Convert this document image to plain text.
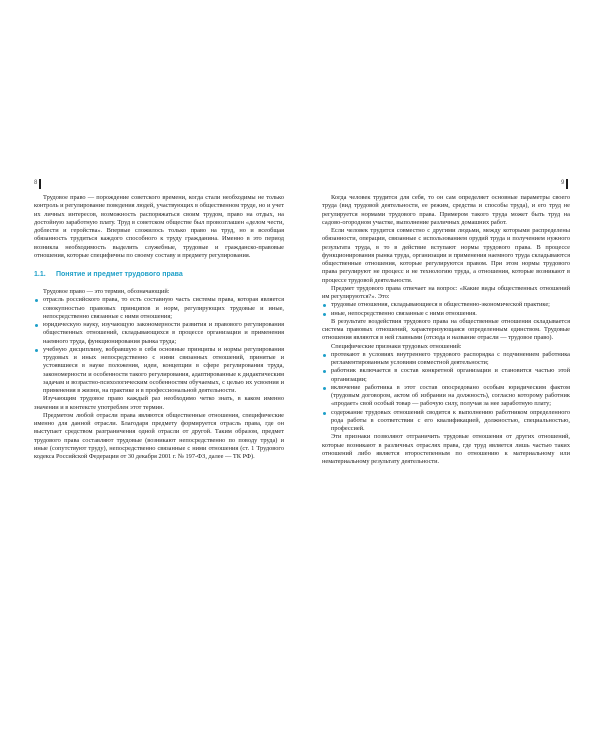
8	9

Трудовое право — порождение советского времени, когда стали необходимы не только контроль и регулирование поведения людей, участвующих в общественном труде, но и учет их личных интересов, возможность распоряжаться своим трудом, право на отдых, на достойную заработную плату. Труд в советском обществе был провозглашен «делом чести, доблести и геройства». Впервые сложилось только право на труд, но и всеобщая обязанность трудиться каждого способного к труду гражданина. Именно в это период возникла необходимость выделить служебные, трудовые и гражданско-правовые отношения, которые специфичны по своему составу и предмету регулирования.

1.1.	Понятие и предмет трудового права

Трудовое право — это термин, обозначающий:

отрасль российского права, то есть составную часть системы права, которая является совокупностью правовых принципов и норм, регулирующих трудовые и иные, непосредственно связанные с ними отношения;
юридическую науку, изучающую закономерности развития и правового регулирования общественных отношений, складывающихся в процессе организации и применения наемного труда, функционирования рынка труда;
учебную дисциплину, вобравшую в себя основные принципы и нормы регулирования трудовых и иных непосредственно с ними связанных отношений, принятые и устоявшиеся в науке положения, идеи, концепции в сфере регулирования труда, закономерности и особенности такого регулирования, адаптированные к дидактическим задачам и возрастно-психологическим особенностям обучаемых, с целью их усвоения и применения в жизни, на практике и в профессиональной деятельности.

Изучающим трудовое право каждый раз необходимо четко знать, в каком именно значении и в контексте употреблен этот термин.

Предметом любой отрасли права являются общественные отношения, специфические именно для данной отрасли. Благодаря предмету формируется отрасль права, где он выступает средством разграничения одной отрасли от другой. Таким образом, предмет трудового права составляют трудовые (возникают непосредственно по поводу труда) и иные (сопутствуют труду), непосредственно связанные с ними отношения (ст. 1 Трудового кодекса Российской Федерации от 30 декабря 2001 г. № 197-ФЗ, далее — ТК РФ).

Когда человек трудится для себя, то он сам определяет основные параметры своего труда (вид трудовой деятельности, ее режим, средства и способы труда), и его труд не регулируется нормами трудового права. Примером такого труда может быть труд на садово-огородном участке, выполнение различных домашних работ.

Если человек трудится совместно с другими людьми, между которыми распределены обязанности, операции, связанные с использованием орудий труда и получением нужного результата труда, в то в действие вступают нормы трудового права. В процессе функционирования рынка труда, организации и применения наемного труда складываются общественные отношения, которые регулируются правом. При этом нормы трудового права регулируют не процесс и не технологию труда, а отношения, которые возникают в процессе трудовой деятельности.

Предмет трудового права отвечает на вопрос: «Какие виды общественных отношений им регулируются?». Это:

трудовые отношения, складывающиеся в общественно-экономической практике;
иные, непосредственно связанные с ними отношения.

В результате воздействия трудового права на общественные отношения складывается система правовых отношений, характеризующаяся определенным единством. Трудовые отношения являются в ней главными (отсюда и название отрасли — трудовое право).

Специфические признаки трудовых отношений:

протекают в условиях внутреннего трудового распорядка с подчинением работника регламентированным условиям совместной деятельности;
работник включается в состав конкретной организации и становится частью этой организации;
включение работника в этот состав опосредовано особым юридическим фактом (трудовым договором, актом об избрании на должность), согласно которому работник «продает» свой особый товар — рабочую силу, получая за нее заработную плату;
содержание трудовых отношений сводится к выполнению работником определенного рода работы в соответствии с его квалификацией, должностью, специальностью, профессией.

Эти признаки позволяют отграничить трудовые отношения от других отношений, которые возникают в различных отраслях права, где труд является лишь частью таких отношений либо является второстепенным по отношению к материальному или нематериальному результату деятельности.
